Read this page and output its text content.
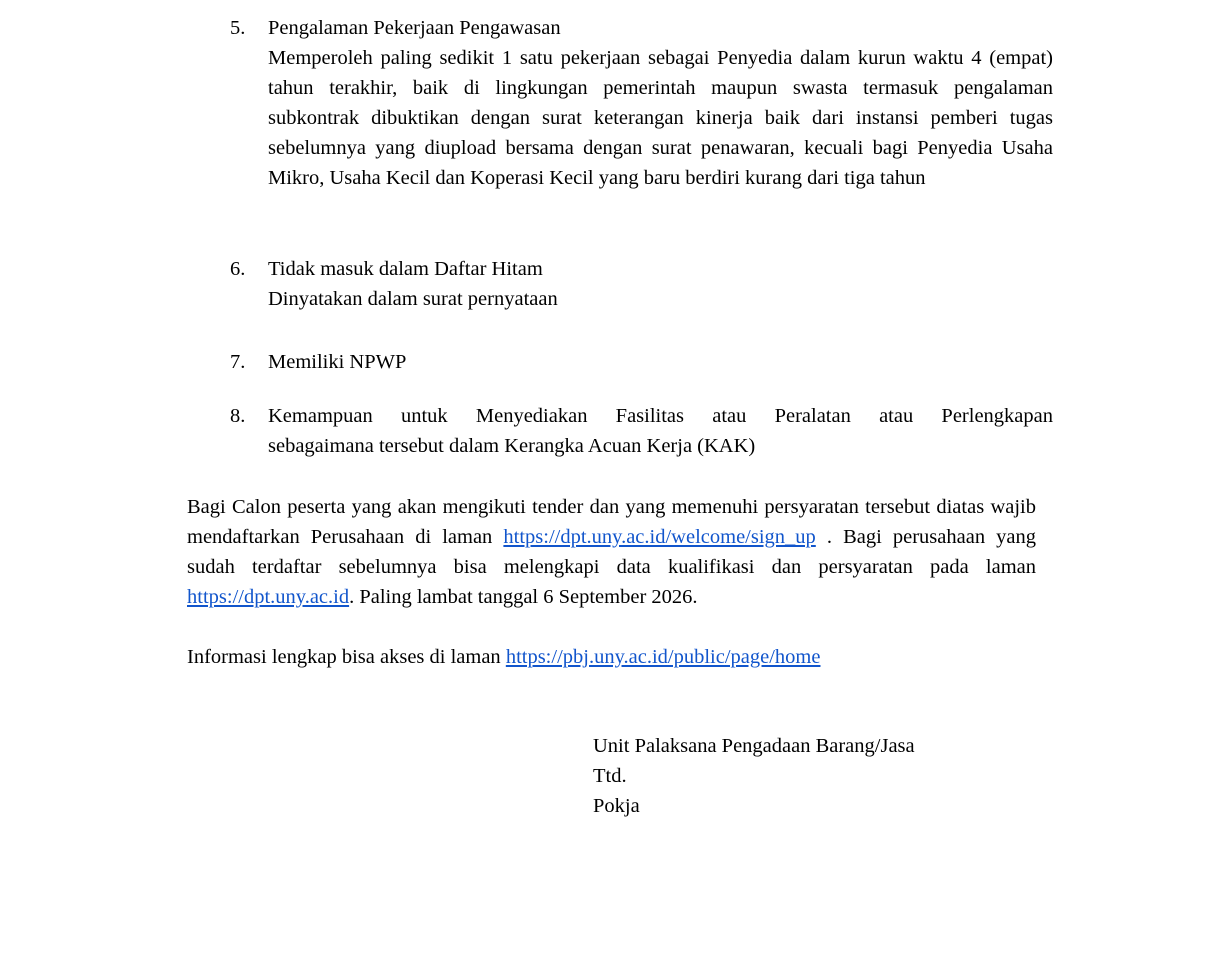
5.	Pengalaman Pekerjaan Pengawasan
Memperoleh paling sedikit 1 satu pekerjaan sebagai Penyedia dalam kurun waktu 4 (empat) tahun terakhir, baik di lingkungan pemerintah maupun swasta termasuk pengalaman subkontrak dibuktikan dengan surat keterangan kinerja baik dari instansi pemberi tugas sebelumnya yang diupload bersama dengan surat penawaran, kecuali bagi Penyedia Usaha Mikro, Usaha Kecil dan Koperasi Kecil yang baru berdiri kurang dari tiga tahun
6.	Tidak masuk dalam Daftar Hitam
Dinyatakan dalam surat pernyataan
7.	Memiliki NPWP
8.	Kemampuan untuk Menyediakan Fasilitas atau Peralatan atau Perlengkapan
sebagaimana tersebut dalam Kerangka Acuan Kerja (KAK)
Bagi Calon peserta yang akan mengikuti tender dan yang memenuhi persyaratan tersebut diatas wajib mendaftarkan Perusahaan di laman https://dpt.uny.ac.id/welcome/sign_up . Bagi perusahaan yang sudah terdaftar sebelumnya bisa melengkapi data kualifikasi dan persyaratan pada laman https://dpt.uny.ac.id. Paling lambat tanggal 6 September 2026.
Informasi lengkap bisa akses di laman https://pbj.uny.ac.id/public/page/home
Unit Palaksana Pengadaan Barang/Jasa
Ttd.
Pokja
